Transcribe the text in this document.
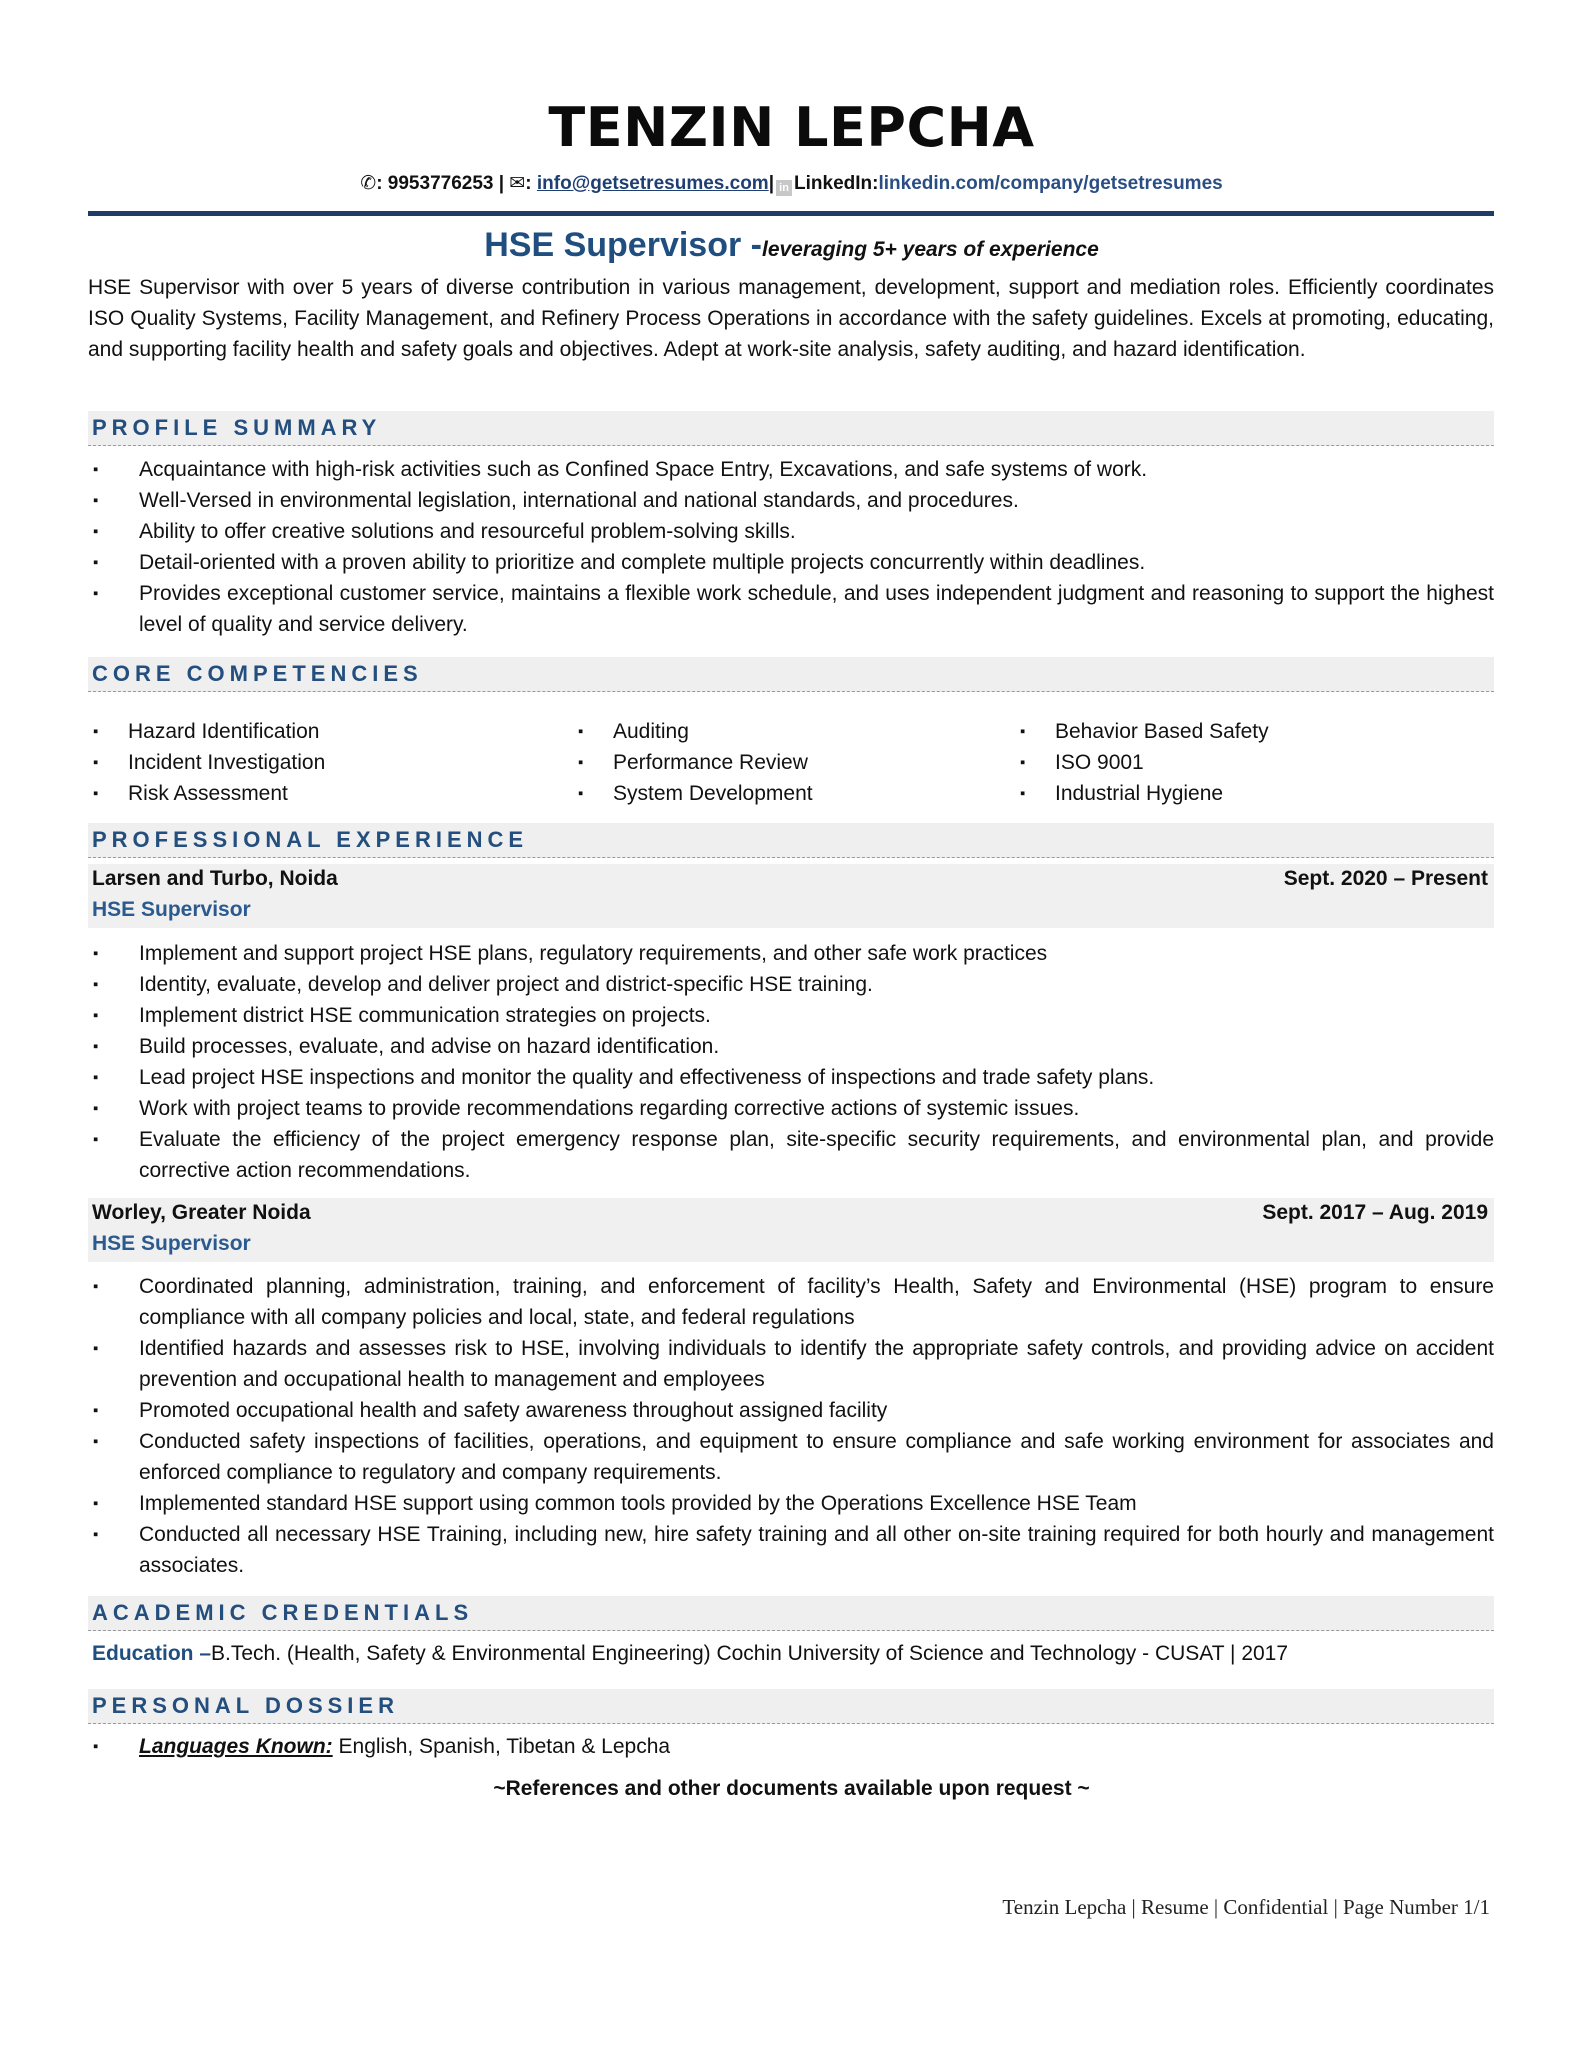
TENZIN LEPCHA
✆: 9953776253 | ✉: info@getsetresumes.com| in LinkedIn:linkedin.com/company/getsetresumes
HSE Supervisor -leveraging 5+ years of experience

HSE Supervisor with over 5 years of diverse contribution in various management, development, support and mediation roles. Efficiently coordinates ISO Quality Systems, Facility Management, and Refinery Process Operations in accordance with the safety guidelines. Excels at promoting, educating, and supporting facility health and safety goals and objectives. Adept at work-site analysis, safety auditing, and hazard identification.

PROFILE SUMMARY
▪ Acquaintance with high-risk activities such as Confined Space Entry, Excavations, and safe systems of work.
▪ Well-Versed in environmental legislation, international and national standards, and procedures.
▪ Ability to offer creative solutions and resourceful problem-solving skills.
▪ Detail-oriented with a proven ability to prioritize and complete multiple projects concurrently within deadlines.
▪ Provides exceptional customer service, maintains a flexible work schedule, and uses independent judgment and reasoning to support the highest level of quality and service delivery.
CORE COMPETENCIES
▪ Hazard Identification
▪ Incident Investigation
▪ Risk Assessment
▪ Auditing
▪ Performance Review
▪ System Development
▪ Behavior Based Safety
▪ ISO 9001
▪ Industrial Hygiene
PROFESSIONAL EXPERIENCE
Larsen and Turbo, Noida	Sept. 2020 – Present
HSE Supervisor
▪ Implement and support project HSE plans, regulatory requirements, and other safe work practices
▪ Identity, evaluate, develop and deliver project and district-specific HSE training.
▪ Implement district HSE communication strategies on projects.
▪ Build processes, evaluate, and advise on hazard identification.
▪ Lead project HSE inspections and monitor the quality and effectiveness of inspections and trade safety plans.
▪ Work with project teams to provide recommendations regarding corrective actions of systemic issues.
▪ Evaluate the efficiency of the project emergency response plan, site-specific security requirements, and environmental plan, and provide corrective action recommendations.
Worley, Greater Noida	Sept. 2017 – Aug. 2019
HSE Supervisor
▪ Coordinated planning, administration, training, and enforcement of facility’s Health, Safety and Environmental (HSE) program to ensure compliance with all company policies and local, state, and federal regulations
▪ Identified hazards and assesses risk to HSE, involving individuals to identify the appropriate safety controls, and providing advice on accident prevention and occupational health to management and employees
▪ Promoted occupational health and safety awareness throughout assigned facility
▪ Conducted safety inspections of facilities, operations, and equipment to ensure compliance and safe working environment for associates and enforced compliance to regulatory and company requirements.
▪ Implemented standard HSE support using common tools provided by the Operations Excellence HSE Team
▪ Conducted all necessary HSE Training, including new, hire safety training and all other on-site training required for both hourly and management associates.
ACADEMIC CREDENTIALS
Education –B.Tech. (Health, Safety & Environmental Engineering) Cochin University of Science and Technology - CUSAT | 2017
PERSONAL DOSSIER
▪ Languages Known: English, Spanish, Tibetan & Lepcha
~References and other documents available upon request ~
Tenzin Lepcha | Resume | Confidential | Page Number 1/1
